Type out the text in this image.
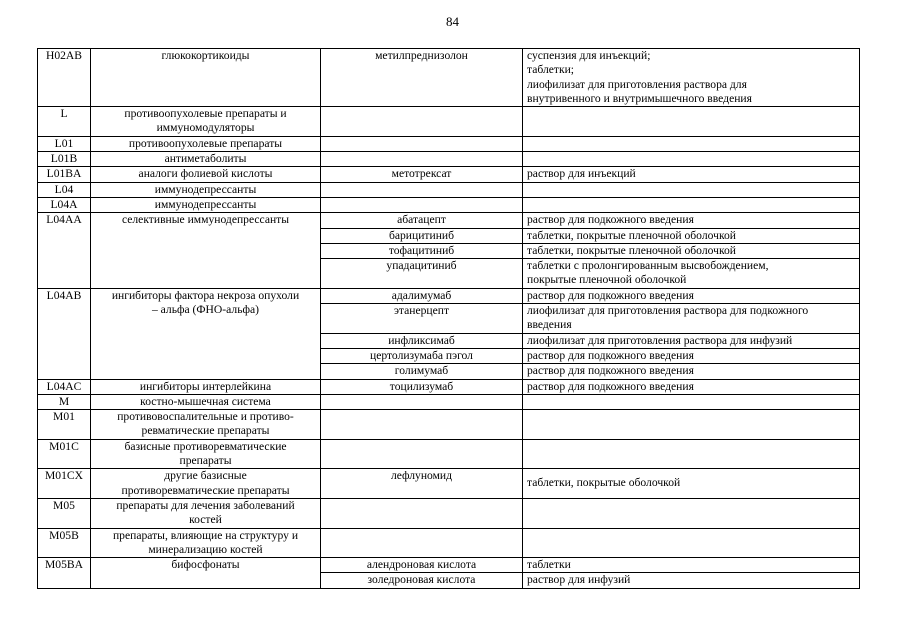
84
H02AB	глюкокортикоиды	метилпреднизолон	суспензия для инъекций;
таблетки;
лиофилизат для приготовления раствора для
внутривенного и внутримышечного введения
L	противоопухолевые препараты и
иммуномодуляторы		
L01	противоопухолевые препараты		
L01B	антиметаболиты		
L01BA	аналоги фолиевой кислоты	метотрексат	раствор для инъекций
L04	иммунодепрессанты		
L04A	иммунодепрессанты		
L04AA	селективные иммунодепрессанты	абатацепт	раствор для подкожного введения
		барицитиниб	таблетки, покрытые пленочной оболочкой
		тофацитиниб	таблетки, покрытые пленочной оболочкой
		упадацитиниб	таблетки с пролонгированным высвобождением,
покрытые пленочной оболочкой
L04AB	ингибиторы фактора некроза опухоли
– альфа (ФНО-альфа)	адалимумаб	раствор для подкожного введения
		этанерцепт	лиофилизат для приготовления раствора для подкожного
введения
		инфликсимаб	лиофилизат для приготовления раствора для инфузий
		цертолизумаба пэгол	раствор для подкожного введения
		голимумаб	раствор для подкожного введения
L04AC	ингибиторы интерлейкина	тоцилизумаб	раствор для подкожного введения
M	костно-мышечная система		
M01	противовоспалительные и противо-
ревматические препараты		
M01C	базисные противоревматические
препараты		
M01CX	другие базисные
противоревматические препараты	лефлуномид	таблетки, покрытые оболочкой
M05	препараты для лечения заболеваний
костей		
M05B	препараты, влияющие на структуру и
минерализацию костей		
M05BA	бифосфонаты	алендроновая кислота	таблетки
		золедроновая кислота	раствор для инфузий
